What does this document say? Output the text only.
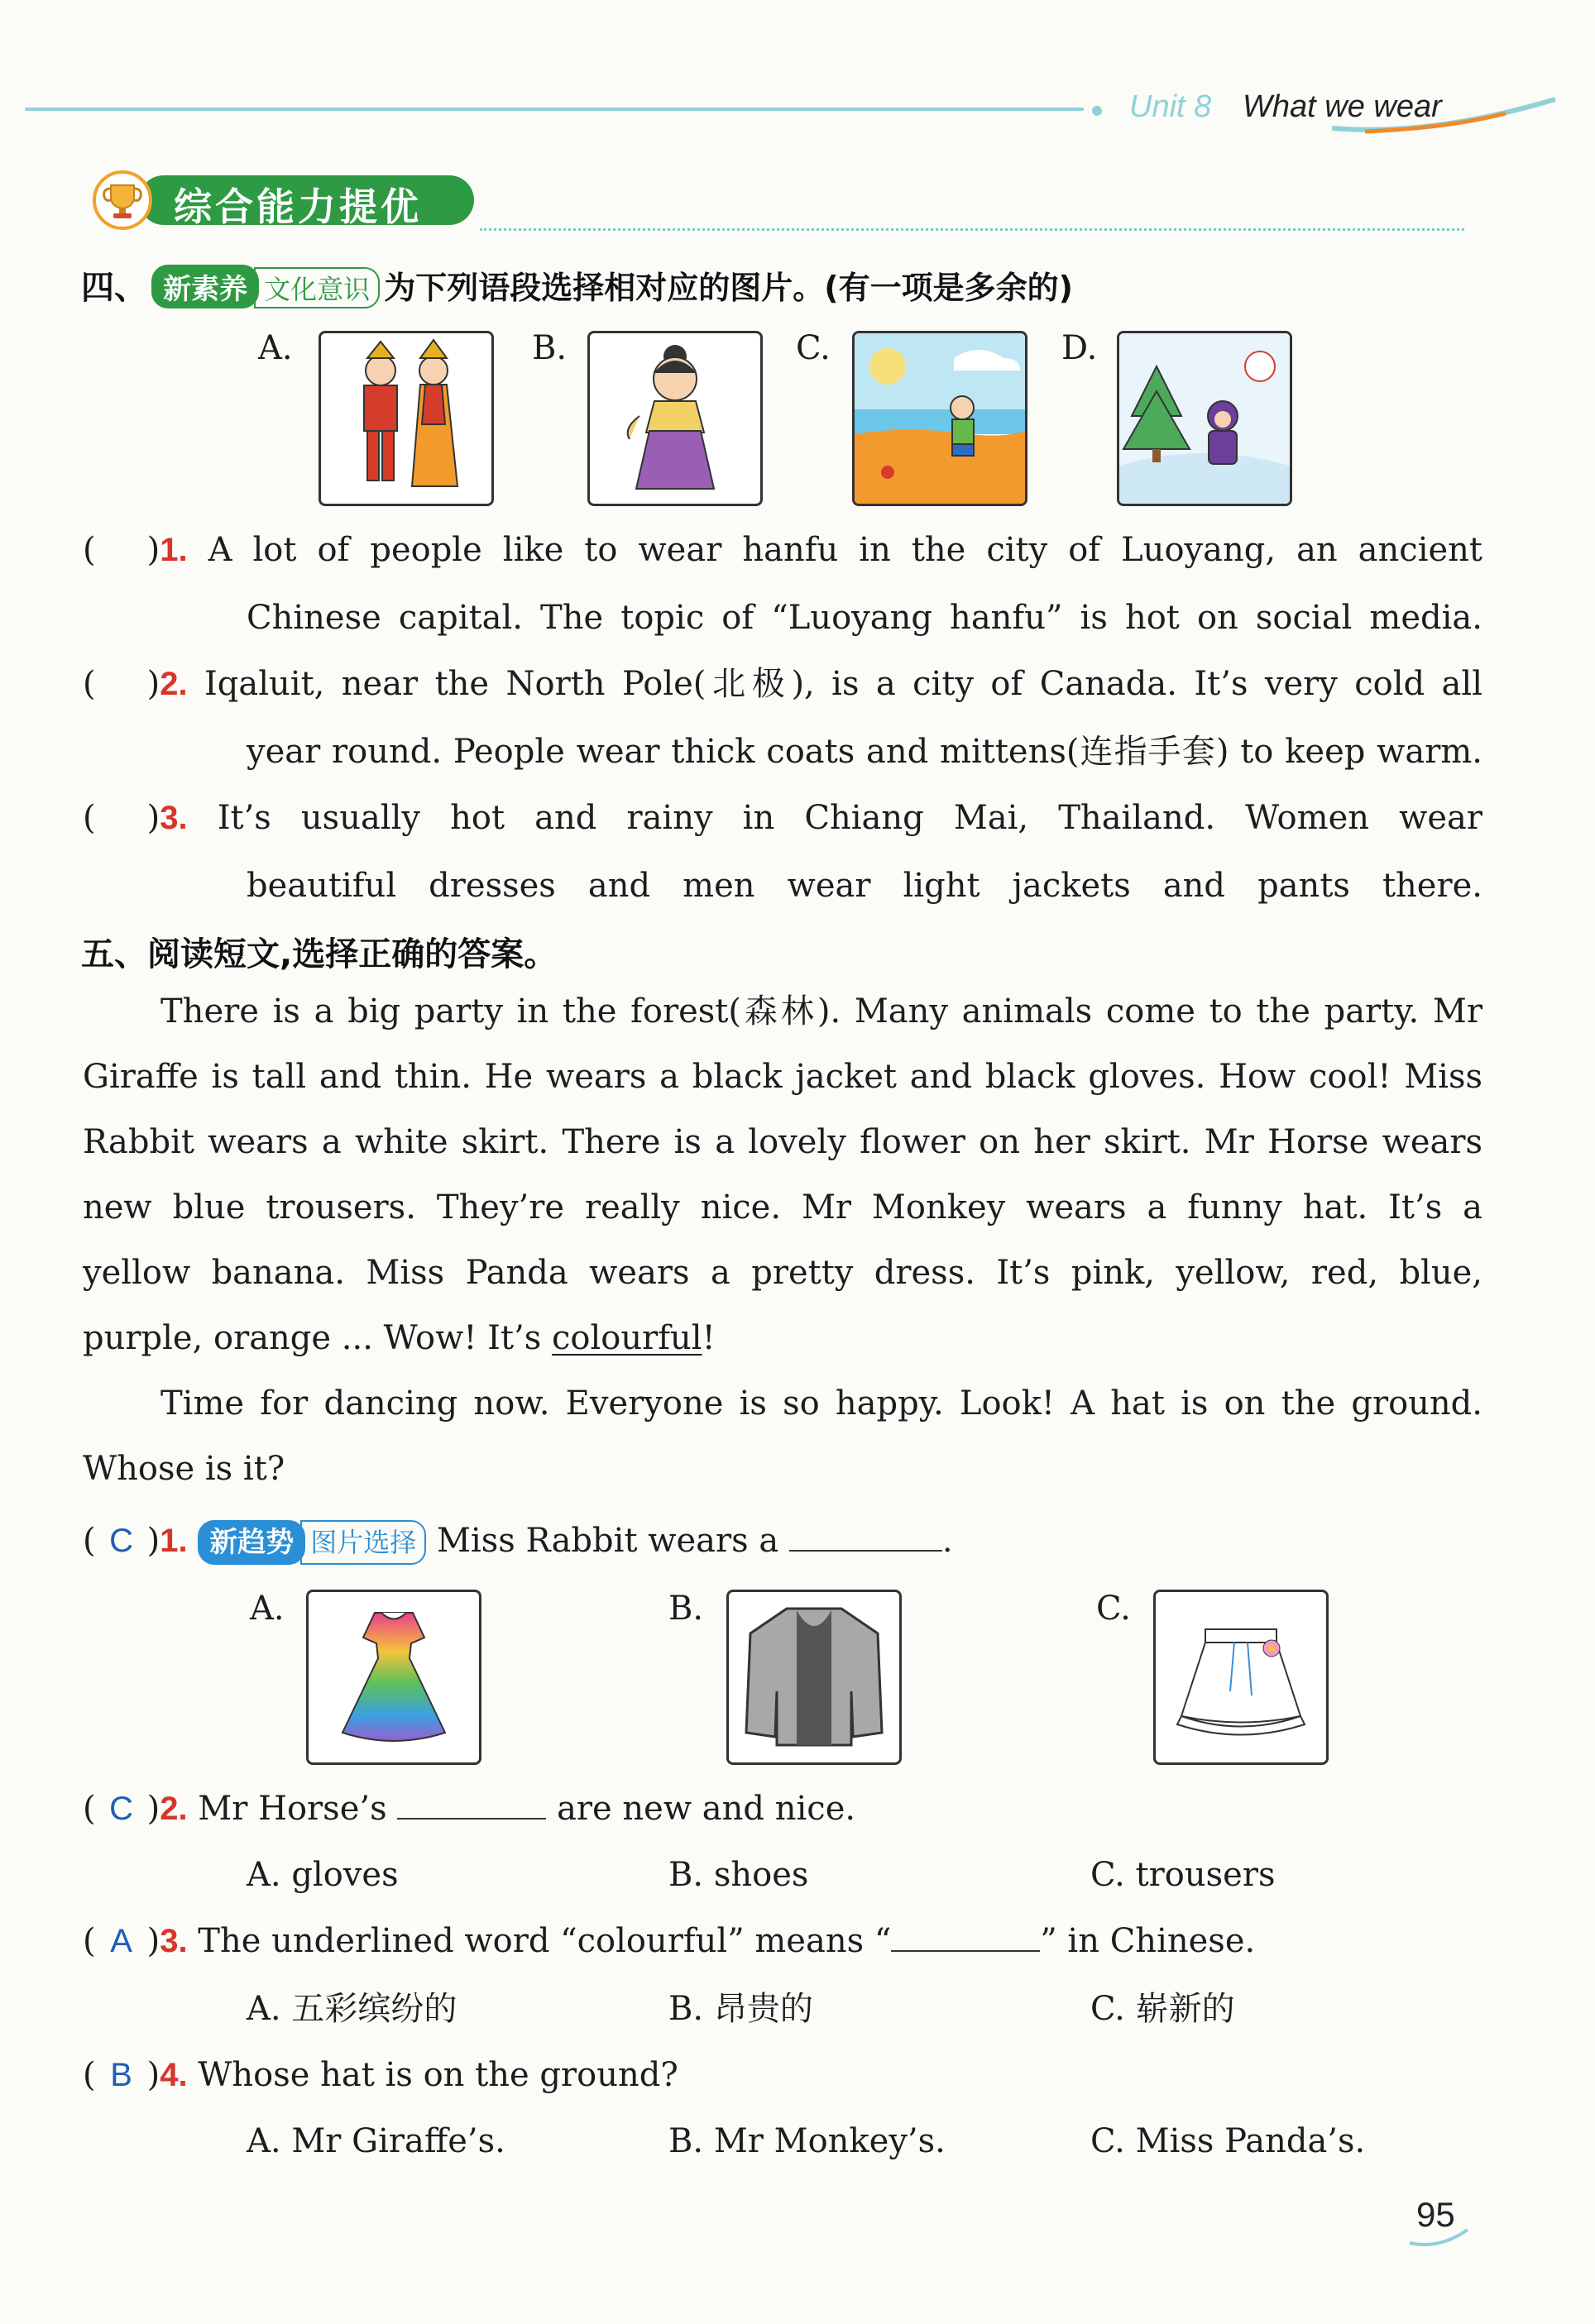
Unit 8 What we wear
综合能力提优
四、 新素养 文化意识 为下列语段选择相对应的图片。(有一项是多余的)
A.	B.	C.	D.
( )1. A lot of people like to wear hanfu in the city of Luoyang, an ancient
Chinese capital. The topic of “Luoyang hanfu” is hot on social media.
( )2. Iqaluit, near the North Pole(北极), is a city of Canada. It’s very cold all
year round. People wear thick coats and mittens(连指手套) to keep warm.
( )3. It’s usually hot and rainy in Chiang Mai, Thailand. Women wear
beautiful dresses and men wear light jackets and pants there.
五、阅读短文,选择正确的答案。
There is a big party in the forest(森林). Many animals come to the party. Mr
Giraffe is tall and thin. He wears a black jacket and black gloves. How cool! Miss
Rabbit wears a white skirt. There is a lovely flower on her skirt. Mr Horse wears
new blue trousers. They’re really nice. Mr Monkey wears a funny hat. It’s a
yellow banana. Miss Panda wears a pretty dress. It’s pink, yellow, red, blue,
purple, orange ... Wow! It’s colourful!
Time for dancing now. Everyone is so happy. Look! A hat is on the ground.
Whose is it?
( C )1. 新趋势 图片选择 Miss Rabbit wears a	.
A.	B.	C.
( C )2. Mr Horse’s	are new and nice.
A. gloves	B. shoes	C. trousers
( A )3. The underlined word “colourful” means “	” in Chinese.
A. 五彩缤纷的	B. 昂贵的	C. 崭新的
( B )4. Whose hat is on the ground?
A. Mr Giraffe’s.	B. Mr Monkey’s.	C. Miss Panda’s.
95
